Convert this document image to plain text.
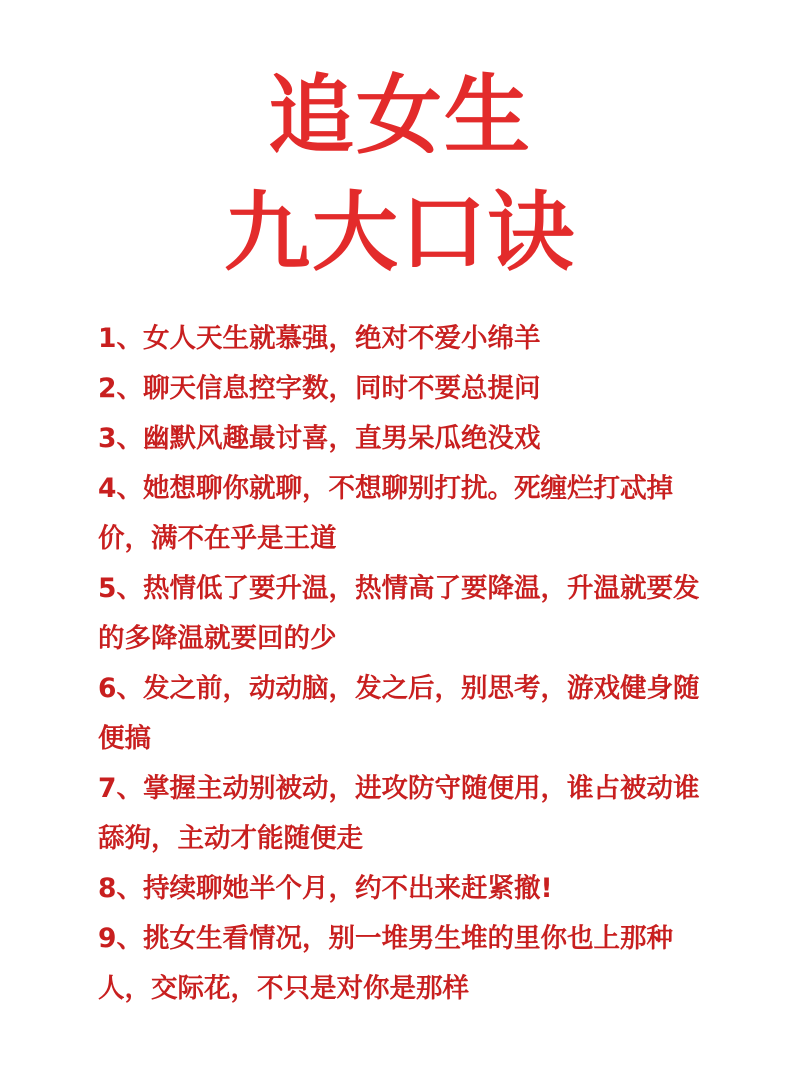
追女生
九大口诀
1、女人天生就慕强，绝对不爱小绵羊
2、聊天信息控字数，同时不要总提问
3、幽默风趣最讨喜，直男呆瓜绝没戏
4、她想聊你就聊，不想聊别打扰。死缠烂打忒掉价，满不在乎是王道
5、热情低了要升温，热情高了要降温，升温就要发的多降温就要回的少
6、发之前，动动脑，发之后，别思考，游戏健身随便搞
7、掌握主动别被动，进攻防守随便用，谁占被动谁舔狗，主动才能随便走
8、持续聊她半个月，约不出来赶紧撤!
9、挑女生看情况，别一堆男生堆的里你也上那种人，交际花，不只是对你是那样
